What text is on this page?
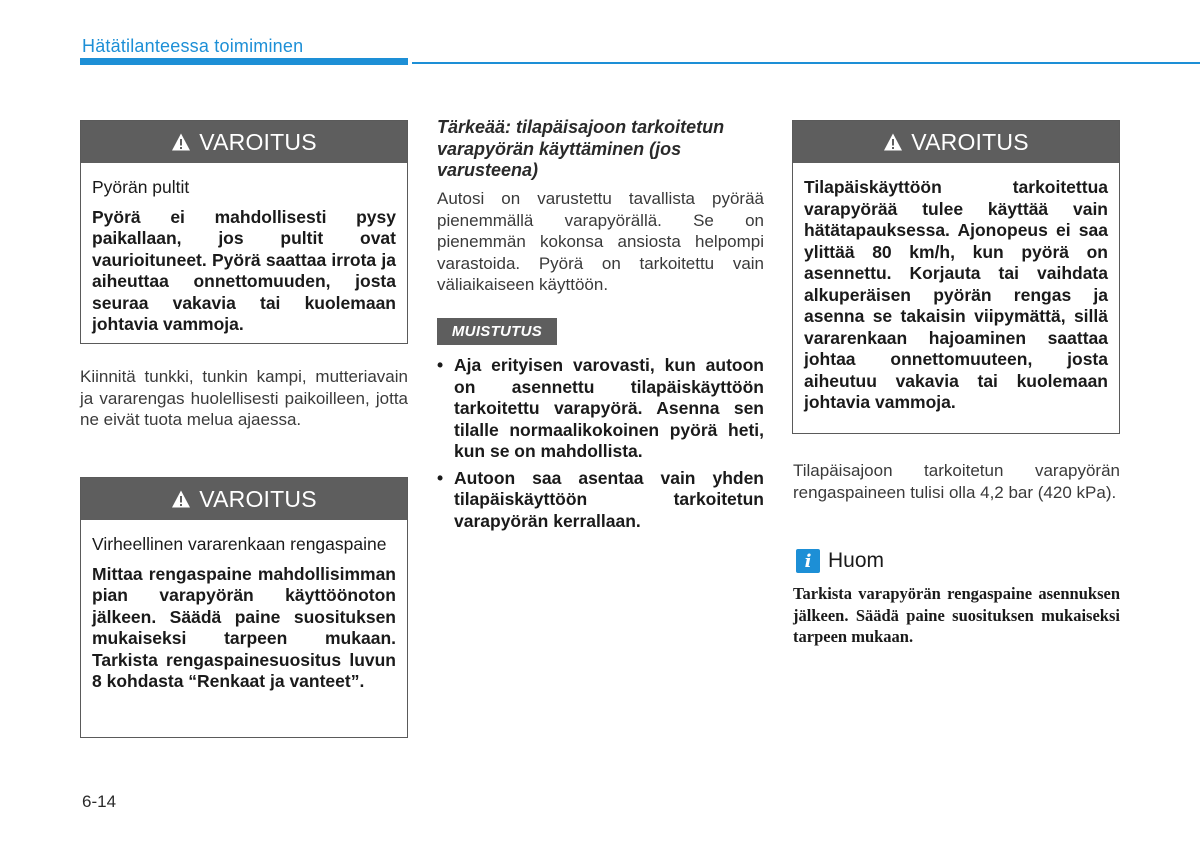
Hätätilanteessa toimiminen
VAROITUS

Pyörän pultit

Pyörä ei mahdollisesti pysy paikallaan, jos pultit ovat vaurioituneet. Pyörä saattaa irrota ja aiheuttaa onnettomuuden, josta seuraa vakavia tai kuolemaan johtavia vammoja.

Kiinnitä tunkki, tunkin kampi, mutteriavain ja vararengas huolellisesti paikoilleen, jotta ne eivät tuota melua ajaessa.

VAROITUS

Virheellinen vararenkaan rengaspaine

Mittaa rengaspaine mahdollisimman pian varapyörän käyttöönoton jälkeen. Säädä paine suosituksen mukaiseksi tarpeen mukaan. Tarkista rengaspainesuositus luvun 8 kohdasta “Renkaat ja vanteet”.

Tärkeää: tilapäisajoon tarkoitetun varapyörän käyttäminen (jos varusteena)

Autosi on varustettu tavallista pyörää pienemmällä varapyörällä. Se on pienemmän kokonsa ansiosta helpompi varastoida. Pyörä on tarkoitettu vain väliaikaiseen käyttöön.

MUISTUTUS
• Aja erityisen varovasti, kun autoon on asennettu tilapäiskäyttöön tarkoitettu varapyörä. Asenna sen tilalle normaalikokoinen pyörä heti, kun se on mahdollista.
• Autoon saa asentaa vain yhden tilapäiskäyttöön tarkoitetun varapyörän kerrallaan.
VAROITUS

Tilapäiskäyttöön tarkoitettua varapyörää tulee käyttää vain hätätapauksessa. Ajonopeus ei saa ylittää 80 km/h, kun pyörä on asennettu. Korjauta tai vaihdata alkuperäisen pyörän rengas ja asenna se takaisin viipymättä, sillä vararenkaan hajoaminen saattaa johtaa onnettomuuteen, josta aiheutuu vakavia tai kuolemaan johtavia vammoja.

Tilapäisajoon tarkoitetun varapyörän rengaspaineen tulisi olla 4,2 bar (420 kPa).

i Huom

Tarkista varapyörän rengaspaine asennuksen jälkeen. Säädä paine suosituksen mukaiseksi tarpeen mukaan.

6-14
